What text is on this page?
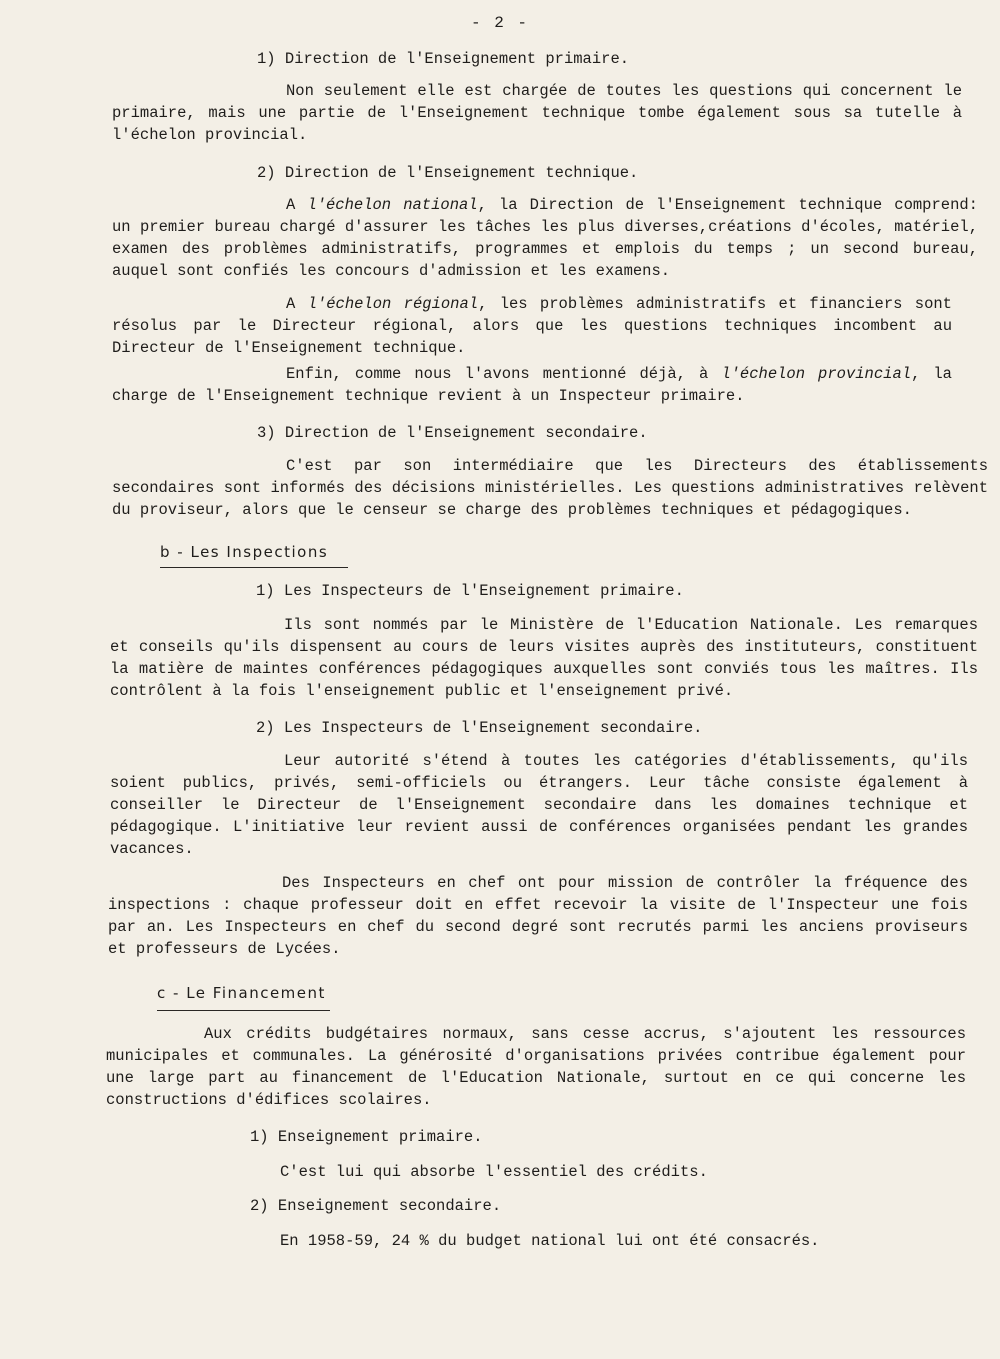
- 2 -
1) Direction de l'Enseignement primaire.

Non seulement elle est chargée de toutes les questions qui concernent le primaire, mais une partie de l'Enseignement technique tombe également sous sa tutelle à l'échelon provincial.

2) Direction de l'Enseignement technique.

A l'échelon national, la Direction de l'Enseignement technique comprend: un premier bureau chargé d'assurer les tâches les plus diverses,créations d'écoles, matériel, examen des problèmes administratifs, programmes et emplois du temps ; un second bureau, auquel sont confiés les concours d'admission et les examens.

A l'échelon régional, les problèmes administratifs et financiers sont résolus par le Directeur régional, alors que les questions techniques incombent au Directeur de l'Enseignement technique.

Enfin, comme nous l'avons mentionné déjà, à l'échelon provincial, la charge de l'Enseignement technique revient à un Inspecteur primaire.

3) Direction de l'Enseignement secondaire.

C'est par son intermédiaire que les Directeurs des établissements secondaires sont informés des décisions ministérielles. Les questions administratives relèvent du proviseur, alors que le censeur se charge des problèmes techniques et pédagogiques.

b - Les Inspections
1) Les Inspecteurs de l'Enseignement primaire.

Ils sont nommés par le Ministère de l'Education Nationale. Les remarques et conseils qu'ils dispensent au cours de leurs visites auprès des instituteurs, constituent la matière de maintes conférences pédagogiques auxquelles sont conviés tous les maîtres. Ils contrôlent à la fois l'enseignement public et l'enseignement privé.

2) Les Inspecteurs de l'Enseignement secondaire.

Leur autorité s'étend à toutes les catégories d'établissements, qu'ils soient publics, privés, semi-officiels ou étrangers. Leur tâche consiste également à conseiller le Directeur de l'Enseignement secondaire dans les domaines technique et pédagogique. L'initiative leur revient aussi de conférences organisées pendant les grandes vacances.

Des Inspecteurs en chef ont pour mission de contrôler la fréquence des inspections : chaque professeur doit en effet recevoir la visite de l'Inspecteur une fois par an. Les Inspecteurs en chef du second degré sont recrutés parmi les anciens proviseurs et professeurs de Lycées.

c - Le Financement

Aux crédits budgétaires normaux, sans cesse accrus, s'ajoutent les ressources municipales et communales. La générosité d'organisations privées contribue également pour une large part au financement de l'Education Nationale, surtout en ce qui concerne les constructions d'édifices scolaires.

1) Enseignement primaire.
C'est lui qui absorbe l'essentiel des crédits.
2) Enseignement secondaire.
En 1958-59, 24 % du budget national lui ont été consacrés.
